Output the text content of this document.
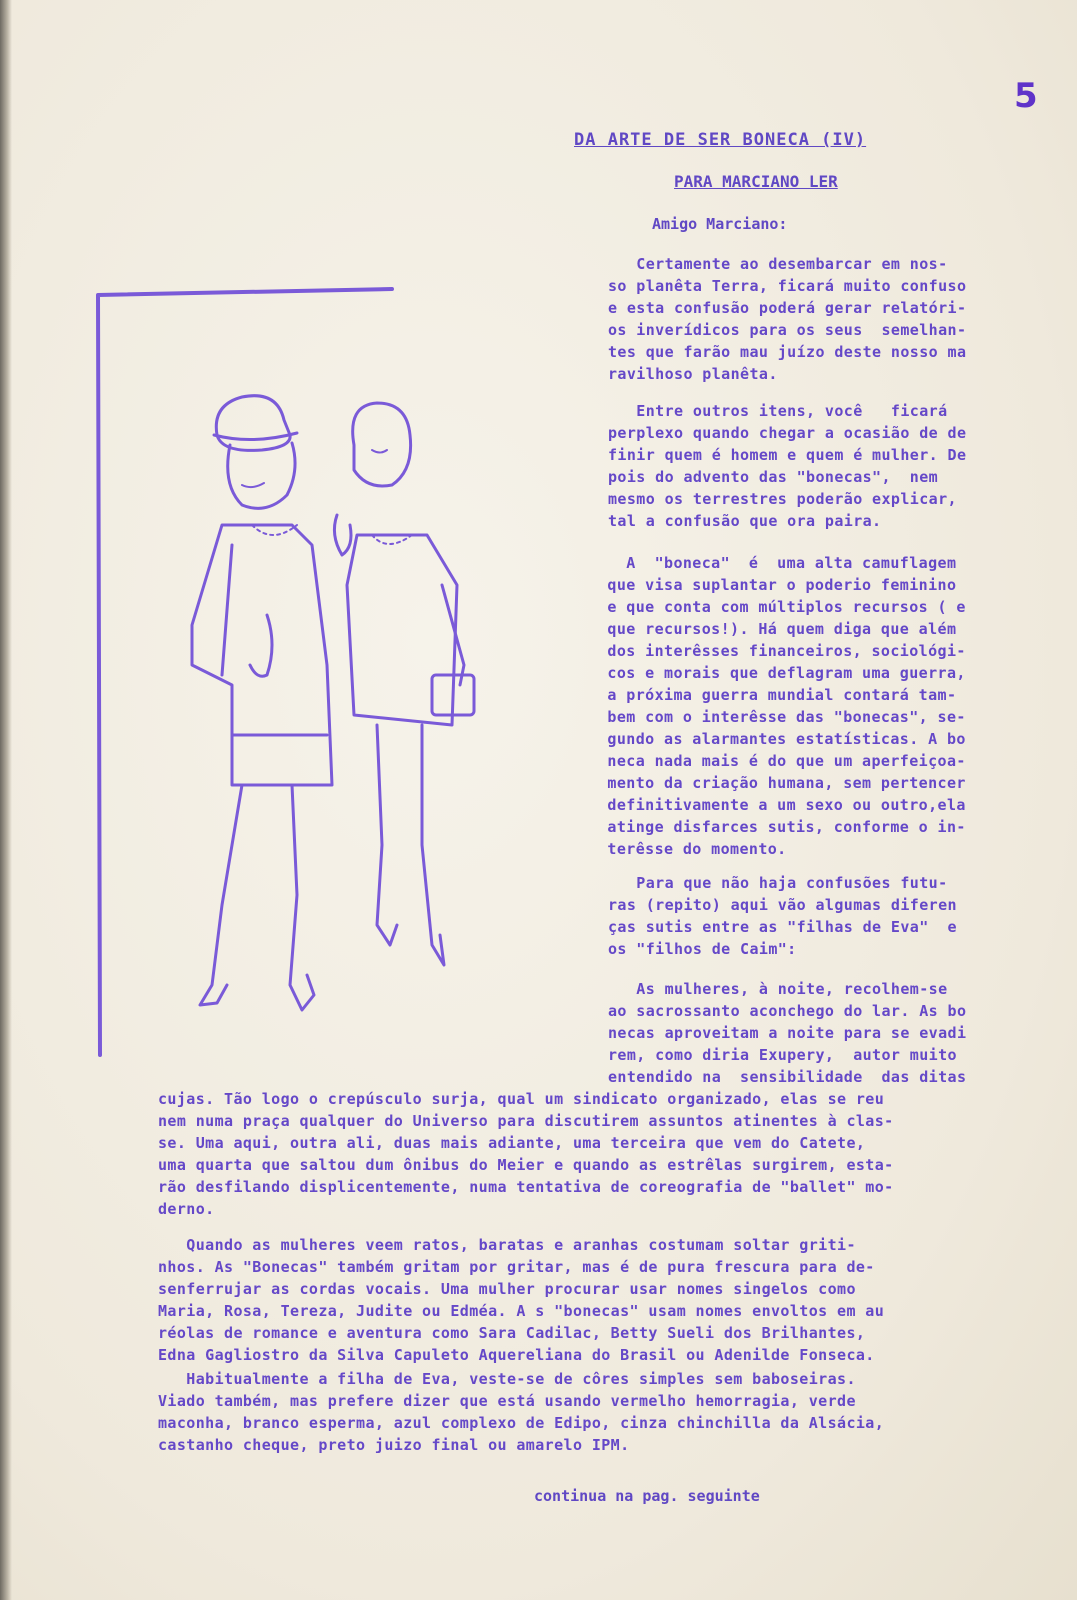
5
DA ARTE DE SER BONECA (IV)
PARA MARCIANO LER
Amigo Marciano:
Certamente ao desembarcar em nos-
so planêta Terra, ficará muito confuso
e esta confusão poderá gerar relatóri-
os inverídicos para os seus  semelhan-
tes que farão mau juízo deste nosso ma
ravilhoso planêta.
Entre outros itens, você   ficará
perplexo quando chegar a ocasião de de
finir quem é homem e quem é mulher. De
pois do advento das "bonecas",  nem
mesmo os terrestres poderão explicar,
tal a confusão que ora paira.
A  "boneca"  é  uma alta camuflagem
que visa suplantar o poderio feminino
e que conta com múltiplos recursos ( e
que recursos!). Há quem diga que além
dos interêsses financeiros, sociológi-
cos e morais que deflagram uma guerra,
a próxima guerra mundial contará tam-
bem com o interêsse das "bonecas", se-
gundo as alarmantes estatísticas. A bo
neca nada mais é do que um aperfeiçoa-
mento da criação humana, sem pertencer
definitivamente a um sexo ou outro,ela
atinge disfarces sutis, conforme o in-
terêsse do momento.
Para que não haja confusões futu-
ras (repito) aqui vão algumas diferen
ças sutis entre as "filhas de Eva"  e
os "filhos de Caim":
As mulheres, à noite, recolhem-se
ao sacrossanto aconchego do lar. As bo
necas aproveitam a noite para se evadi
rem, como diria Exupery,  autor muito
entendido na  sensibilidade  das ditas
cujas. Tão logo o crepúsculo surja, qual um sindicato organizado, elas se reu
nem numa praça qualquer do Universo para discutirem assuntos atinentes à clas-
se. Uma aqui, outra ali, duas mais adiante, uma terceira que vem do Catete,
uma quarta que saltou dum ônibus do Meier e quando as estrêlas surgirem, esta-
rão desfilando displicentemente, numa tentativa de coreografia de "ballet" mo-
derno.
Quando as mulheres veem ratos, baratas e aranhas costumam soltar griti-
nhos. As "Bonecas" também gritam por gritar, mas é de pura frescura para de-
senferrujar as cordas vocais. Uma mulher procurar usar nomes singelos como
Maria, Rosa, Tereza, Judite ou Edméa. A s "bonecas" usam nomes envoltos em au
réolas de romance e aventura como Sara Cadilac, Betty Sueli dos Brilhantes,
Edna Gagliostro da Silva Capuleto Aquereliana do Brasil ou Adenilde Fonseca.
Habitualmente a filha de Eva, veste-se de côres simples sem baboseiras.
Viado também, mas prefere dizer que está usando vermelho hemorragia, verde
maconha, branco esperma, azul complexo de Edipo, cinza chinchilla da Alsácia,
castanho cheque, preto juizo final ou amarelo IPM.
continua na pag. seguinte
